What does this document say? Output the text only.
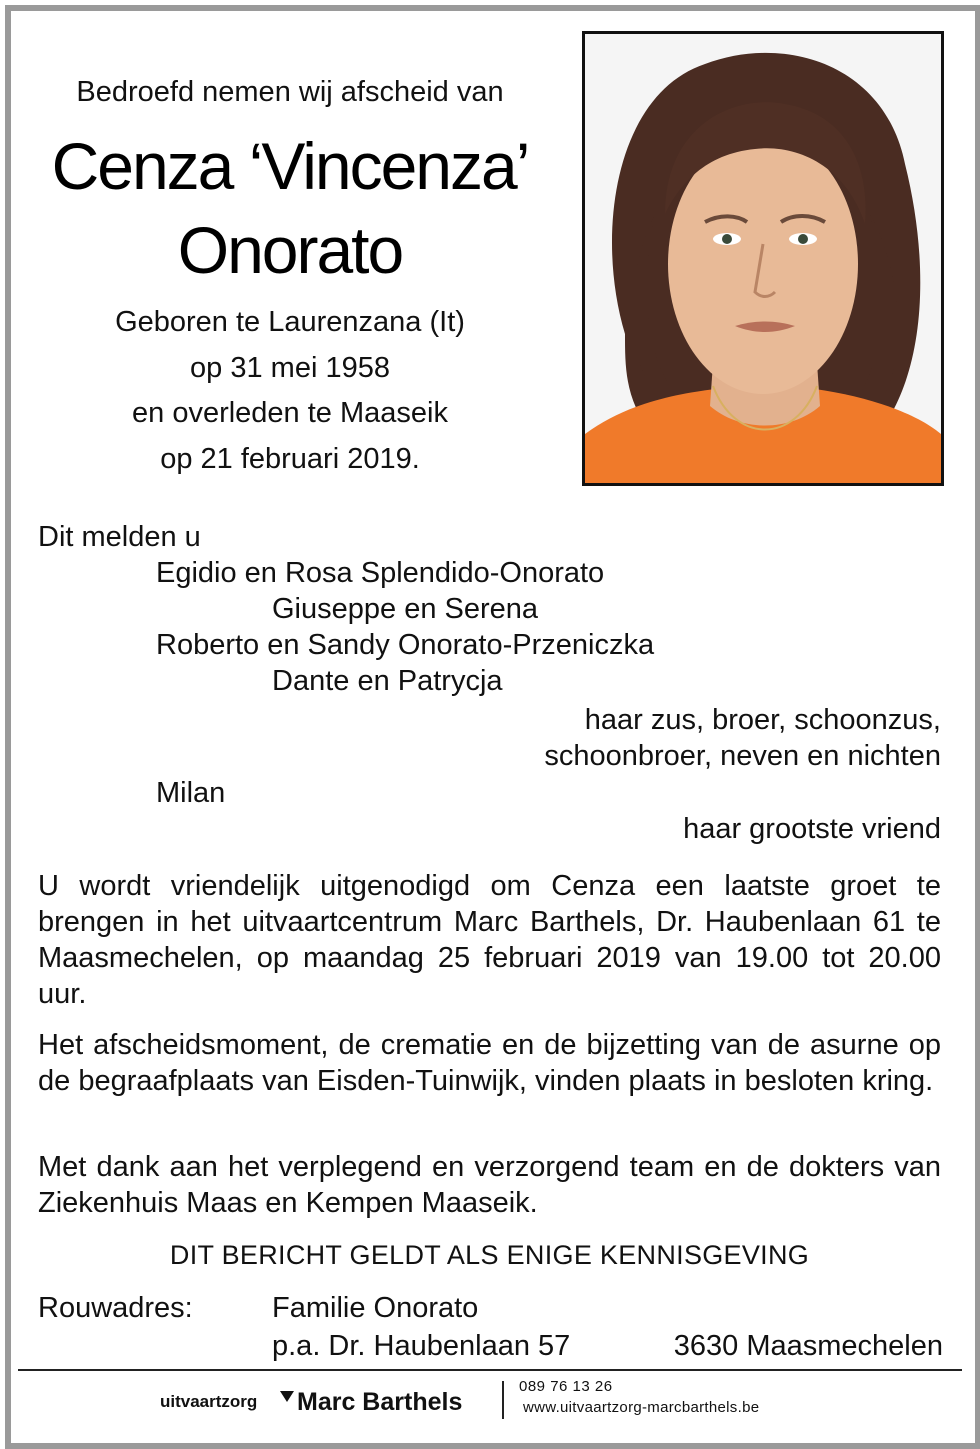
Bedroefd nemen wij afscheid van
Cenza ‘Vincenza’
Onorato
Geboren te Laurenzana (It)
op 31 mei 1958
en overleden te Maaseik
op 21 februari 2019.
Dit melden u
Egidio en Rosa Splendido-Onorato
Giuseppe en Serena
Roberto en Sandy Onorato-Przeniczka
Dante en Patrycja
haar zus, broer, schoonzus,
schoonbroer, neven en nichten
Milan
haar grootste vriend
U wordt vriendelijk uitgenodigd om Cenza een laatste groet te brengen in het uitvaartcentrum Marc Barthels, Dr. Haubenlaan 61 te Maasmechelen, op maandag 25 februari 2019 van 19.00 tot 20.00 uur.
Het afscheidsmoment, de crematie en de bijzetting van de asurne op de begraafplaats van Eisden-Tuinwijk, vinden plaats in besloten kring.
Met dank aan het verplegend en verzorgend team en de dokters van Ziekenhuis Maas en Kempen Maaseik.
DIT BERICHT GELDT ALS ENIGE KENNISGEVING
Rouwadres:	Familie Onorato
p.a. Dr. Haubenlaan 57	3630 Maasmechelen
uitvaartzorg Marc Barthels
089 76 13 26
www.uitvaartzorg-marcbarthels.be
